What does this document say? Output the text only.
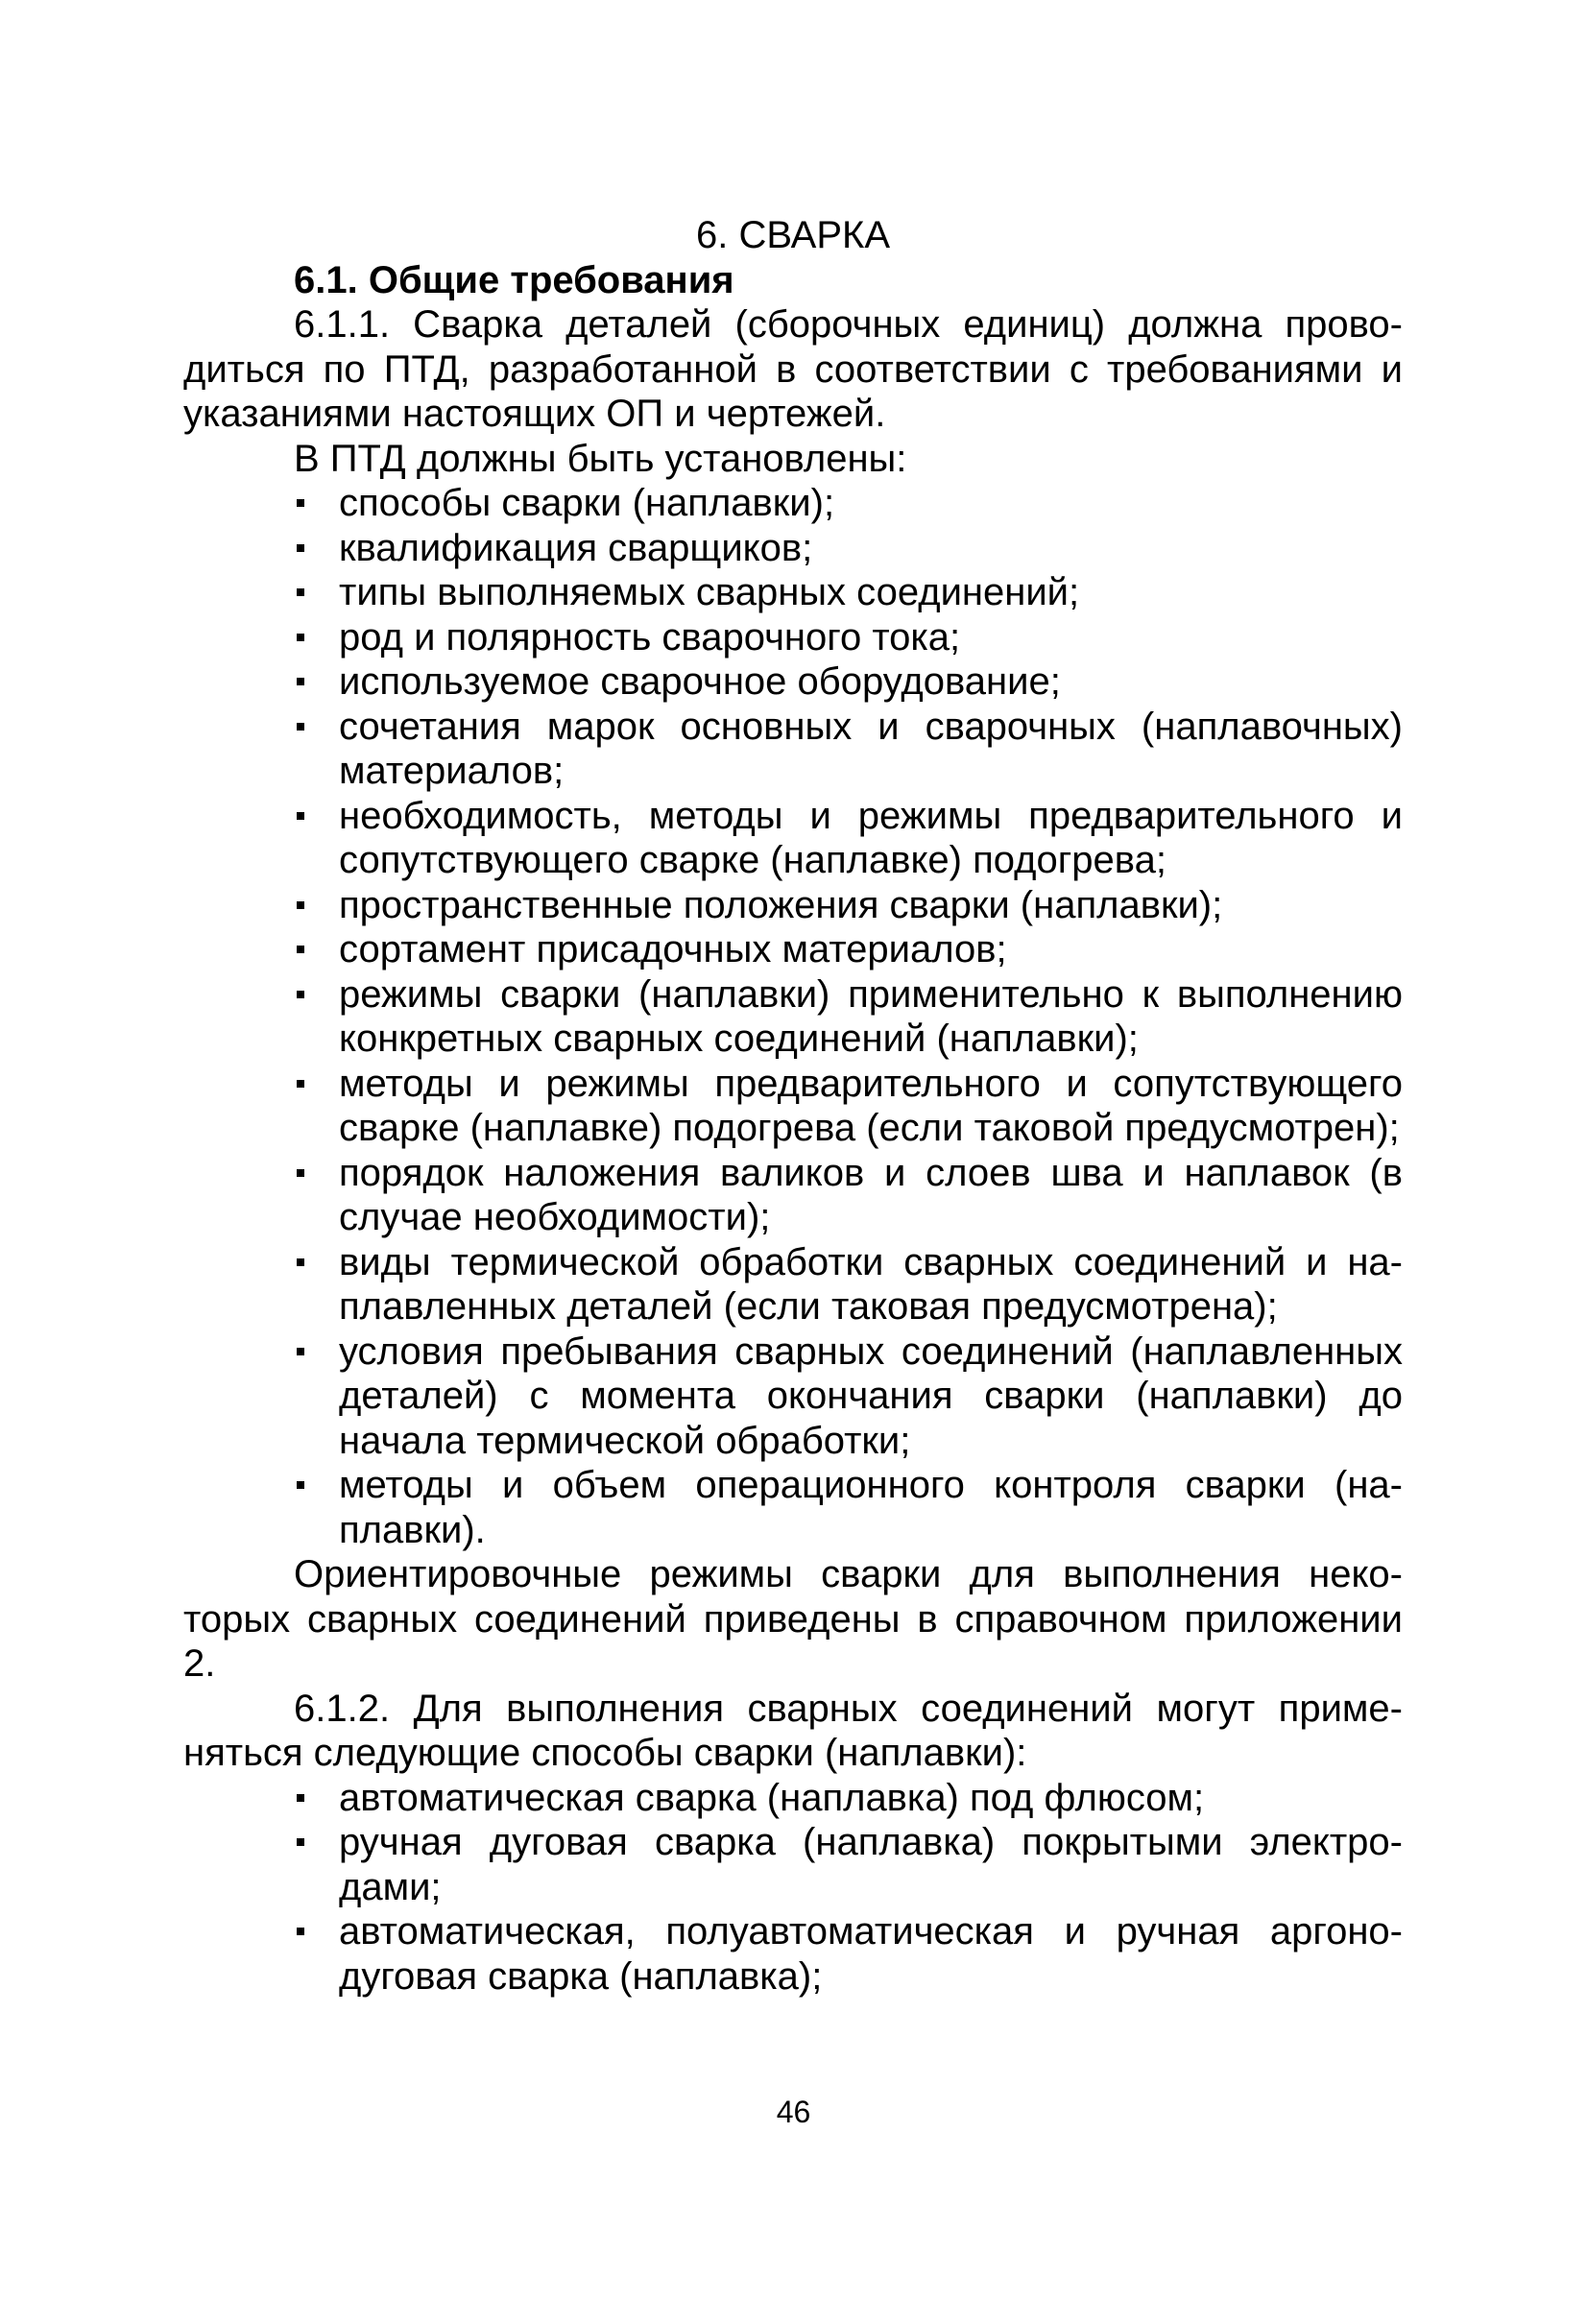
6. СВАРКА

6.1. Общие требования

6.1.1. Сварка деталей (сборочных единиц) должна проводиться по ПТД, разработанной в соответствии с требованиями и указаниями настоящих ОП и чертежей.

В ПТД должны быть установлены:

способы сварки (наплавки);
квалификация сварщиков;
типы выполняемых сварных соединений;
род и полярность сварочного тока;
используемое сварочное оборудование;
сочетания марок основных и сварочных (наплавочных) материалов;
необходимость, методы и режимы предварительного и сопутствующего сварке (наплавке) подогрева;
пространственные положения сварки (наплавки);
сортамент присадочных материалов;
режимы сварки (наплавки) применительно к выполнению конкретных сварных соединений (наплавки);
методы и режимы предварительного и сопутствующего сварке (наплавке) подогрева (если таковой предусмотрен);
порядок наложения валиков и слоев шва и наплавок (в случае необходимости);
виды термической обработки сварных соединений и наплавленных деталей (если таковая предусмотрена);
условия пребывания сварных соединений (наплавленных деталей) с момента окончания сварки (наплавки) до начала термической обработки;
методы и объем операционного контроля сварки (наплавки).

Ориентировочные режимы сварки для выполнения некоторых сварных соединений приведены в справочном приложении 2.

6.1.2. Для выполнения сварных соединений могут применяться следующие способы сварки (наплавки):

автоматическая сварка (наплавка) под флюсом;
ручная дуговая сварка (наплавка) покрытыми электродами;
автоматическая, полуавтоматическая и ручная аргонодуговая сварка (наплавка);
46
